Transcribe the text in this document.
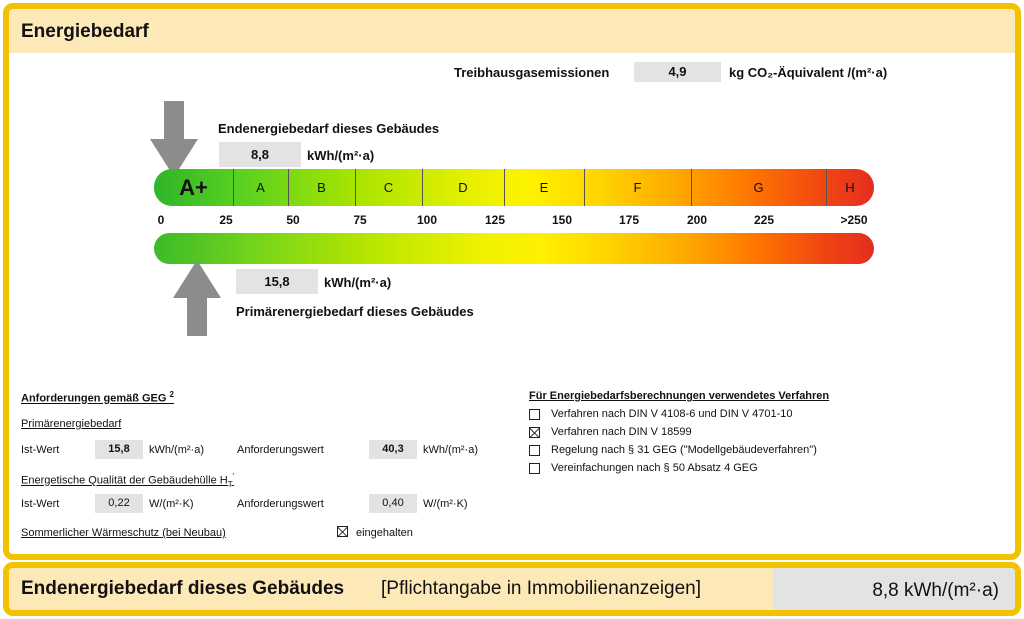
Energiebedarf
Treibhausgasemissionen	4,9	kg CO₂-Äquivalent /(m²·a)
Endenergiebedarf dieses Gebäudes
8,8	kWh/(m²·a)
A+	A	B	C	D	E	F	G	H
0	25	50	75	100	125	150	175	200	225	>250
15,8	kWh/(m²·a)
Primärenergiebedarf dieses Gebäudes
Anforderungen gemäß GEG $^2$
Primärenergiebedarf
Ist-Wert	15,8	kWh/(m²·a)	Anforderungswert	40,3	kWh/(m²·a)
Energetische Qualität der Gebäudehülle $H_T'$
Ist-Wert	0,22	W/(m²·K)	Anforderungswert	0,40	W/(m²·K)
Sommerlicher Wärmeschutz (bei Neubau)	eingehalten
Für Energiebedarfsberechnungen verwendetes Verfahren
Verfahren nach DIN V 4108-6 und DIN V 4701-10
Verfahren nach DIN V 18599
Regelung nach § 31 GEG ("Modellgebäudeverfahren")
Vereinfachungen nach § 50 Absatz 4 GEG
Endenergiebedarf dieses Gebäudes [Pflichtangabe in Immobilienanzeigen]	8,8 kWh/(m²·a)
